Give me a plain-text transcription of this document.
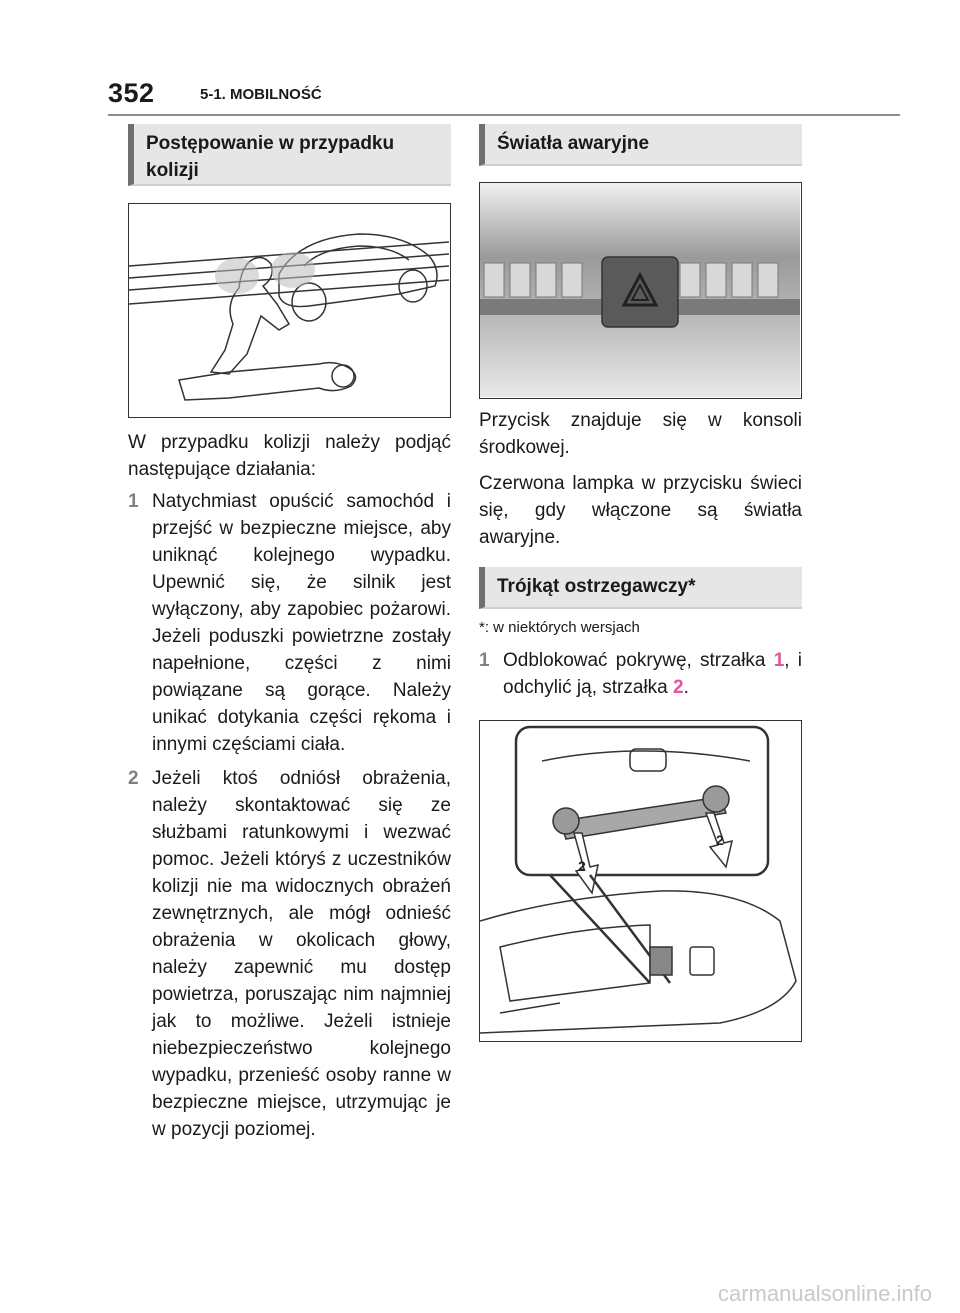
352	5-1. MOBILNOŚĆ
Postępowanie w przypadku kolizji

W przypadku kolizji należy podjąć następujące działania:

1 Natychmiast opuścić samochód i przejść w bezpieczne miejsce, aby uniknąć kolejnego wypadku. Upewnić się, że silnik jest wyłączony, aby zapobiec pożarowi. Jeżeli poduszki powietrzne zostały napełnione, części z nimi powiązane są gorące. Należy unikać dotykania części rękoma i innymi częściami ciała.
2 Jeżeli ktoś odniósł obrażenia, należy skontaktować się ze służbami ratunkowymi i wezwać pomoc. Jeżeli któryś z uczestników kolizji nie ma widocznych obrażeń zewnętrznych, ale mógł odnieść obrażenia w okolicach głowy, należy zapewnić mu dostęp powietrza, poruszając nim najmniej jak to możliwe. Jeżeli istnieje niebezpieczeństwo kolejnego wypadku, przenieść osoby ranne w bezpieczne miejsce, utrzymując je w pozycji poziomej.
Światła awaryjne

Przycisk znajduje się w konsoli środkowej.

Czerwona lampka w przycisku świeci się, gdy włączone są światła awaryjne.

Trójkąt ostrzegawczy*

*: w niektórych wersjach

1 Odblokować pokrywę, strzałka 1, i odchylić ją, strzałka 2.
2
2
carmanualsonline.info
